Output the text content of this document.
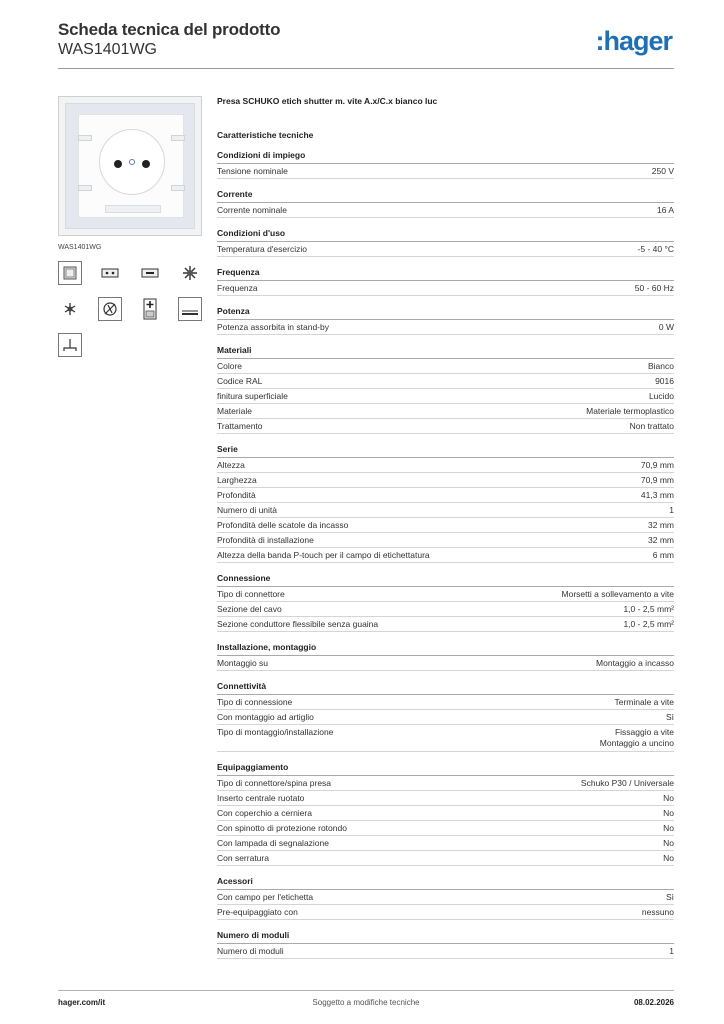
Scheda tecnica del prodotto
WAS1401WG	:hager
WAS1401WG
Presa SCHUKO etich shutter m. vite A.x/C.x bianco luc
Caratteristiche tecniche
Condizioni di impiego
Tensione nominale	250 V
Corrente
Corrente nominale	16 A
Condizioni d'uso
Temperatura d'esercizio	-5 - 40 °C
Frequenza
Frequenza	50 - 60 Hz
Potenza
Potenza assorbita in stand-by	0 W
Materiali
Colore	Bianco
Codice RAL	9016
finitura superficiale	Lucido
Materiale	Materiale termoplastico
Trattamento	Non trattato
Serie
Altezza	70,9 mm
Larghezza	70,9 mm
Profondità	41,3 mm
Numero di unità	1
Profondità delle scatole da incasso	32 mm
Profondità di installazione	32 mm
Altezza della banda P-touch per il campo di etichettatura	6 mm
Connessione
Tipo di connettore	Morsetti a sollevamento a vite
Sezione del cavo	1,0 - 2,5 mm²
Sezione conduttore flessibile senza guaina	1,0 - 2,5 mm²
Installazione, montaggio
Montaggio su	Montaggio a incasso
Connettività
Tipo di connessione	Terminale a vite
Con montaggio ad artiglio	Sì
Tipo di montaggio/installazione	Fissaggio a vite
Montaggio a uncino
Equipaggiamento
Tipo di connettore/spina presa	Schuko P30 / Universale
Inserto centrale ruotato	No
Con coperchio a cerniera	No
Con spinotto di protezione rotondo	No
Con lampada di segnalazione	No
Con serratura	No
Acessori
Con campo per l'etichetta	Sì
Pre-equipaggiato con	nessuno
Numero di moduli
Numero di moduli	1
hager.com/it	Soggetto a modifiche tecniche	08.02.2026
